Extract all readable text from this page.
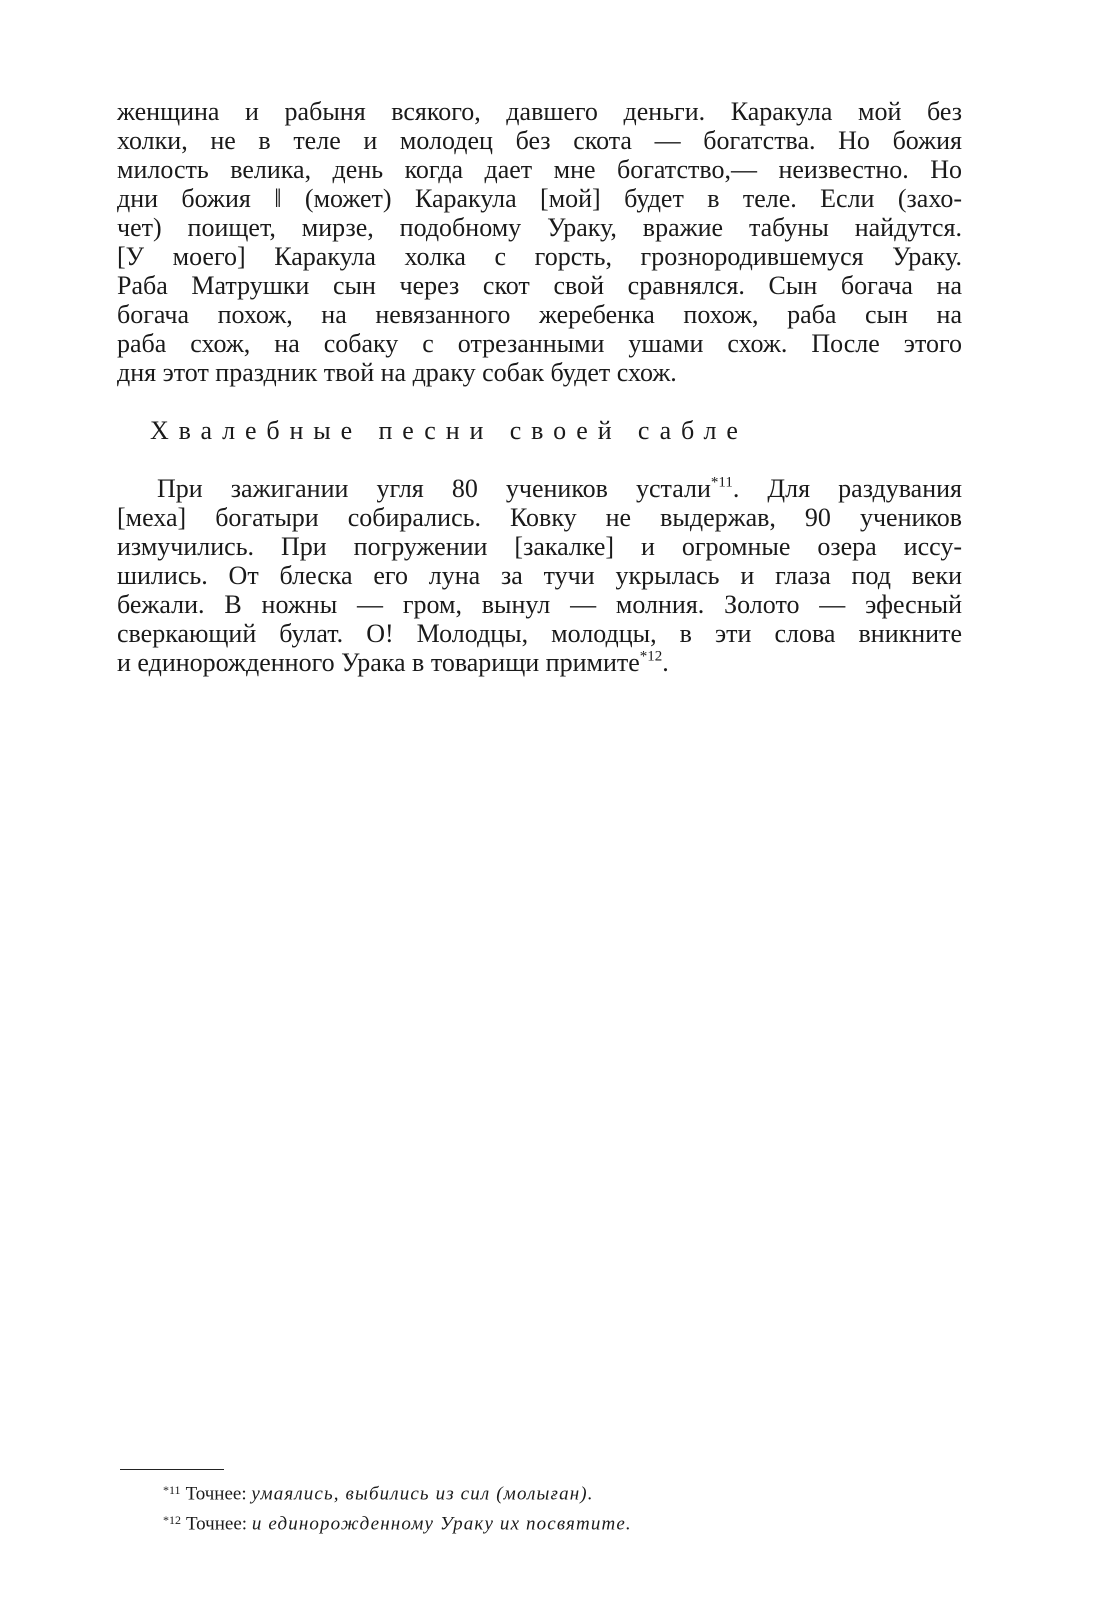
женщина и рабыня всякого, давшего деньги. Каракула мой без
холки, не в теле и молодец без скота — богатства. Но божия
милость велика, день когда дает мне богатство,— неизвестно. Но
дни божия ‖ (может) Каракула [мой] будет в теле. Если (захо-
чет) поищет, мирзе, подобному Ураку, вражие табуны найдутся.
[У моего] Каракула холка с горсть, грознородившемуся Ураку.
Раба Матрушки сын через скот свой сравнялся. Сын богача на
богача похож, на невязанного жеребенка похож, раба сын на
раба схож, на собаку с отрезанными ушами схож. После этого
дня этот праздник твой на драку собак будет схож.
Хвалебные песни своей сабле
При зажигании угля 80 учеников устали$^{*11}$. Для раздувания
[меха] богатыри собирались. Ковку не выдержав, 90 учеников
измучились. При погружении [закалке] и огромные озера иссу-
шились. От блеска его луна за тучи укрылась и глаза под веки
бежали. В ножны — гром, вынул — молния. Золото — эфесный
сверкающий булат. О! Молодцы, молодцы, в эти слова вникните
и единорожденного Урака в товарищи примите$^{*12}$.
$^{*11}$ Точнее: умаялись, выбились из сил (молыған).
$^{*12}$ Точнее: и единорожденному Ураку их посвятите.
